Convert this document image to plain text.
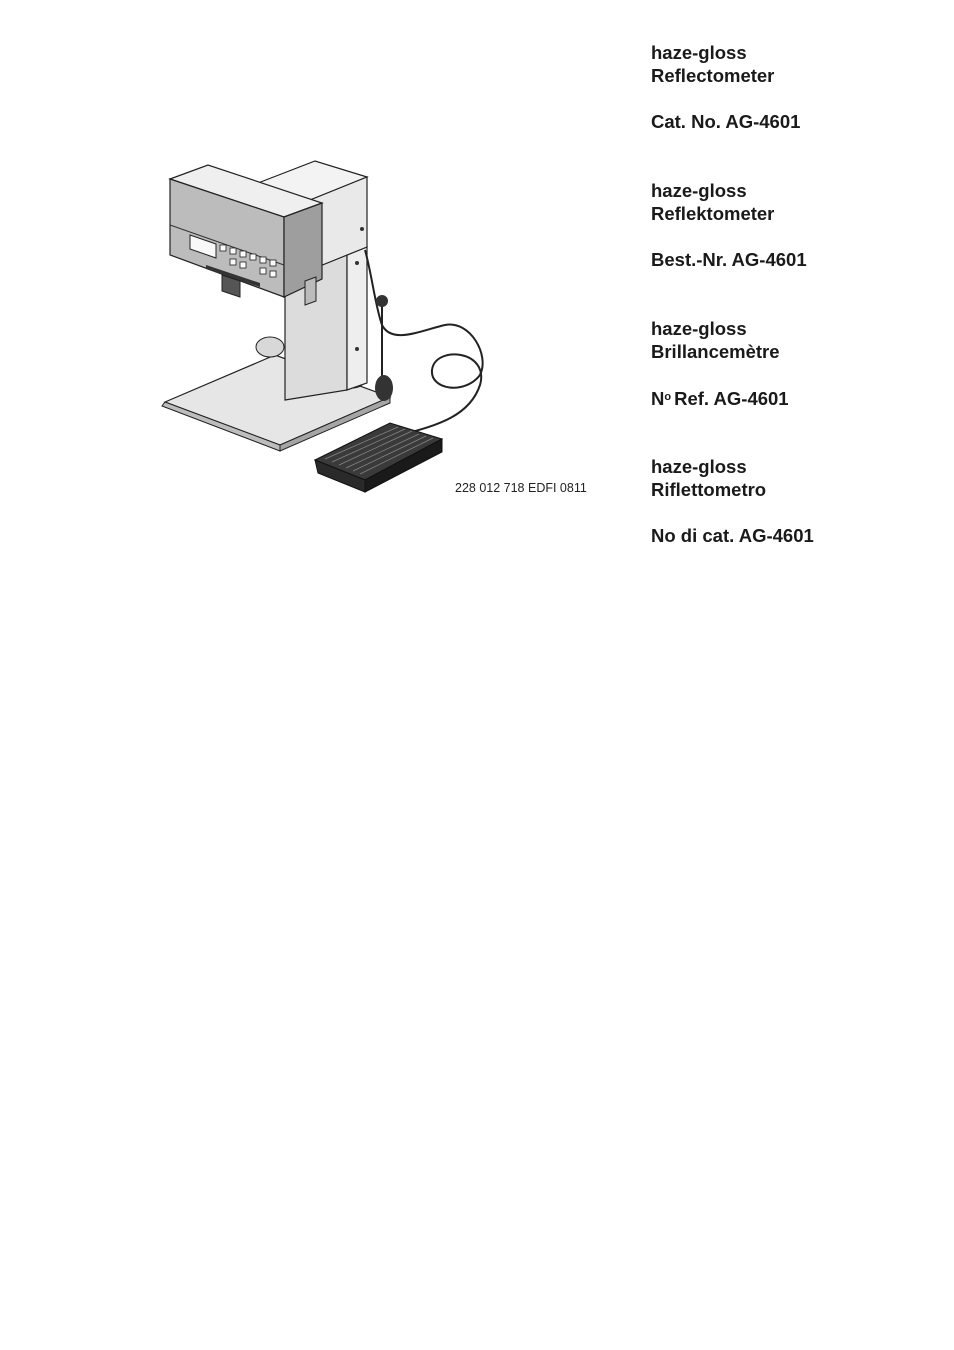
228 012 718 EDFI 0811

haze-gloss

Reflectometer

Cat. No. AG-4601

haze-gloss

Reflektometer

Best.-Nr. AG-4601

haze-gloss

Brillancemètre

$N^o$ Ref. AG-4601

haze-gloss

Riflettometro

No di cat. AG-4601
